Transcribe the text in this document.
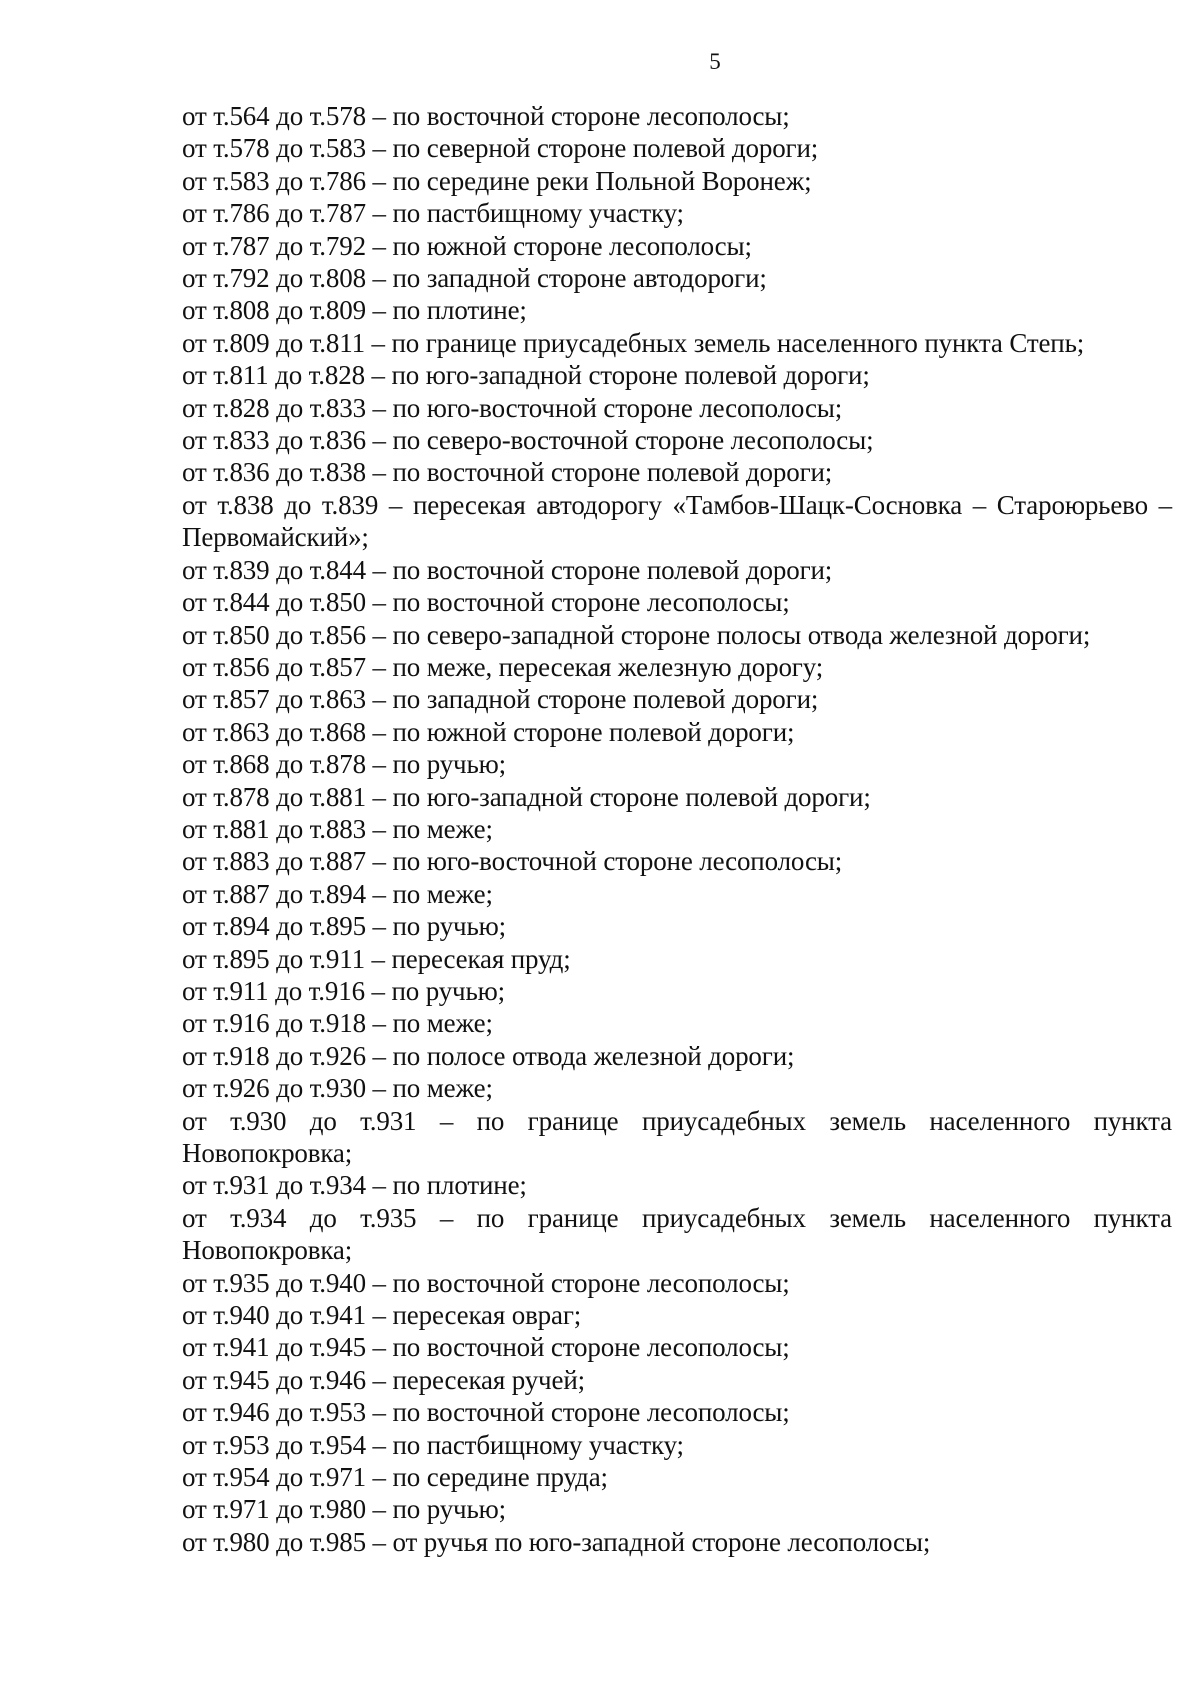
5

от т.564 до т.578 – по восточной стороне лесополосы;

от т.578 до т.583 – по северной стороне полевой дороги;

от т.583 до т.786 – по середине реки Польной Воронеж;

от т.786 до т.787 – по пастбищному участку;

от т.787 до т.792 – по южной стороне лесополосы;

от т.792 до т.808 – по западной стороне автодороги;

от т.808 до т.809 – по плотине;

от т.809 до т.811 – по границе приусадебных земель населенного пункта Степь;

от т.811 до т.828 – по юго-западной стороне полевой дороги;

от т.828 до т.833 – по юго-восточной стороне лесополосы;

от т.833 до т.836 – по северо-восточной стороне лесополосы;

от т.836 до т.838 – по восточной стороне полевой дороги;

от т.838 до т.839 – пересекая автодорогу «Тамбов-Шацк-Сосновка – Староюрьево – Первомайский»;

от т.839 до т.844 – по восточной стороне полевой дороги;

от т.844 до т.850 – по восточной стороне лесополосы;

от т.850 до т.856 – по северо-западной стороне полосы отвода железной дороги;

от т.856 до т.857 – по меже, пересекая железную дорогу;

от т.857 до т.863 – по западной стороне полевой дороги;

от т.863 до т.868 – по южной стороне полевой дороги;

от т.868 до т.878 – по ручью;

от т.878 до т.881 – по юго-западной стороне полевой дороги;

от т.881 до т.883 – по меже;

от т.883 до т.887 – по юго-восточной стороне лесополосы;

от т.887 до т.894 – по меже;

от т.894 до т.895 – по ручью;

от т.895 до т.911 – пересекая пруд;

от т.911 до т.916 – по ручью;

от т.916 до т.918 – по меже;

от т.918 до т.926 – по полосе отвода железной дороги;

от т.926 до т.930 – по меже;

от т.930 до т.931 – по границе приусадебных земель населенного пункта Новопокровка;

от т.931 до т.934 – по плотине;

от т.934 до т.935 – по границе приусадебных земель населенного пункта Новопокровка;

от т.935 до т.940 – по восточной стороне лесополосы;

от т.940 до т.941 – пересекая овраг;

от т.941 до т.945 – по восточной стороне лесополосы;

от т.945 до т.946 – пересекая ручей;

от т.946 до т.953 – по восточной стороне лесополосы;

от т.953 до т.954 – по пастбищному участку;

от т.954 до т.971 – по середине пруда;

от т.971 до т.980 – по ручью;

от т.980 до т.985 – от ручья по юго-западной стороне лесополосы;
